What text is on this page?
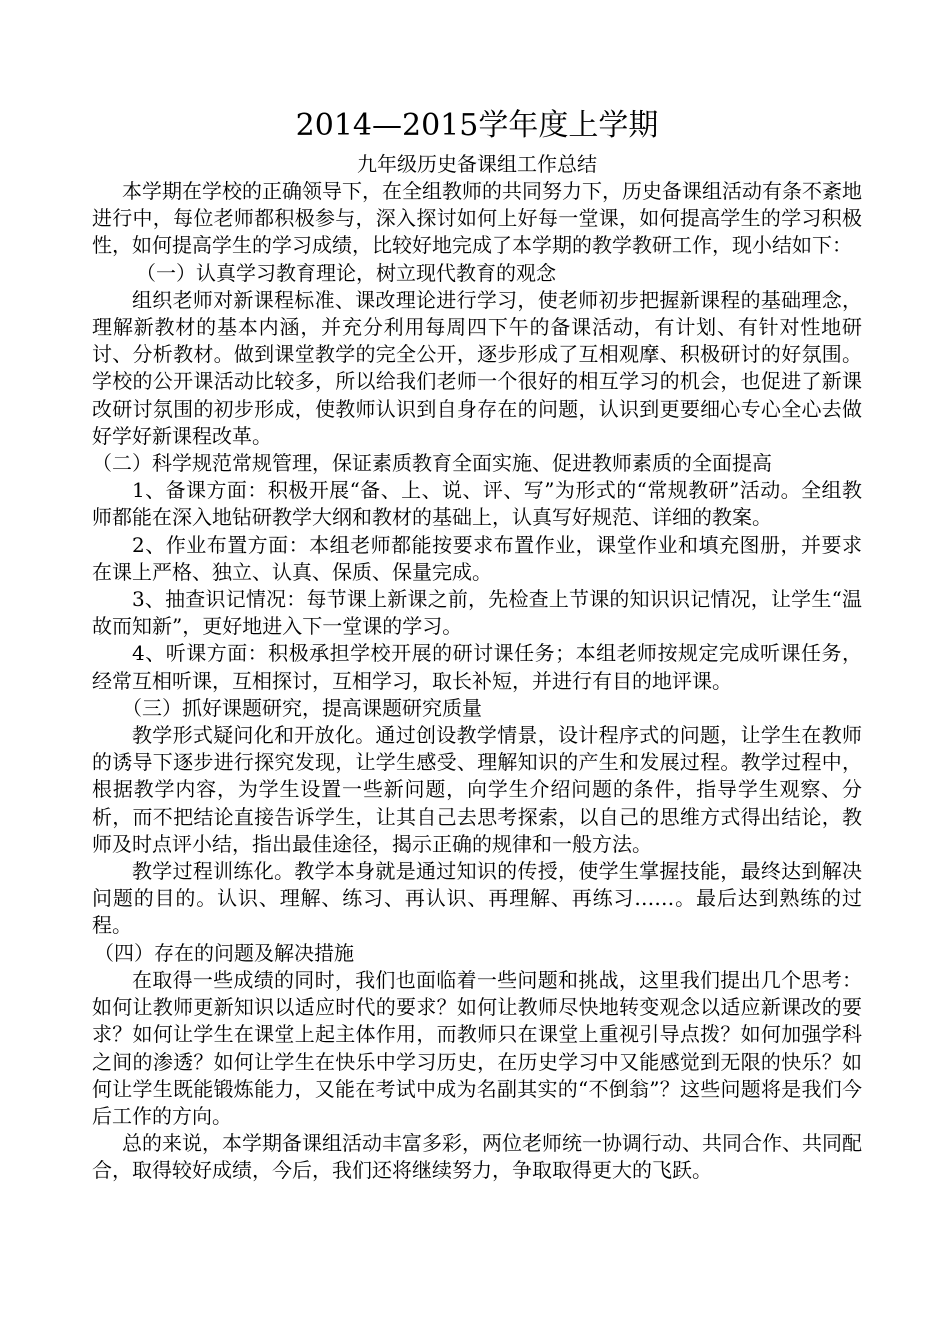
2014—2015学年度上学期
九年级历史备课组工作总结

本学期在学校的正确领导下，在全组教师的共同努力下，历史备课组活动有条不紊地进行中，每位老师都积极参与，深入探讨如何上好每一堂课，如何提高学生的学习积极性，如何提高学生的学习成绩，比较好地完成了本学期的教学教研工作，现小结如下：

（一）认真学习教育理论，树立现代教育的观念

组织老师对新课程标准、课改理论进行学习，使老师初步把握新课程的基础理念，理解新教材的基本内涵，并充分利用每周四下午的备课活动，有计划、有针对性地研讨、分析教材。做到课堂教学的完全公开，逐步形成了互相观摩、积极研讨的好氛围。学校的公开课活动比较多，所以给我们老师一个很好的相互学习的机会，也促进了新课改研讨氛围的初步形成，使教师认识到自身存在的问题，认识到更要细心专心全心去做好学好新课程改革。

（二）科学规范常规管理，保证素质教育全面实施、促进教师素质的全面提高

1、备课方面：积极开展“备、上、说、评、写”为形式的“常规教研”活动。全组教师都能在深入地钻研教学大纲和教材的基础上，认真写好规范、详细的教案。

2、作业布置方面：本组老师都能按要求布置作业，课堂作业和填充图册，并要求在课上严格、独立、认真、保质、保量完成。

3、抽查识记情况：每节课上新课之前，先检查上节课的知识识记情况，让学生“温故而知新”，更好地进入下一堂课的学习。

4、听课方面：积极承担学校开展的研讨课任务；本组老师按规定完成听课任务，经常互相听课，互相探讨，互相学习，取长补短，并进行有目的地评课。

（三）抓好课题研究，提高课题研究质量

教学形式疑问化和开放化。通过创设教学情景，设计程序式的问题，让学生在教师的诱导下逐步进行探究发现，让学生感受、理解知识的产生和发展过程。教学过程中，根据教学内容，为学生设置一些新问题，向学生介绍问题的条件，指导学生观察、分析，而不把结论直接告诉学生，让其自己去思考探索，以自己的思维方式得出结论，教师及时点评小结，指出最佳途径，揭示正确的规律和一般方法。

教学过程训练化。教学本身就是通过知识的传授，使学生掌握技能，最终达到解决问题的目的。认识、理解、练习、再认识、再理解、再练习……。最后达到熟练的过程。

（四）存在的问题及解决措施

在取得一些成绩的同时，我们也面临着一些问题和挑战，这里我们提出几个思考：如何让教师更新知识以适应时代的要求？如何让教师尽快地转变观念以适应新课改的要求？如何让学生在课堂上起主体作用，而教师只在课堂上重视引导点拨？如何加强学科之间的渗透？如何让学生在快乐中学习历史，在历史学习中又能感觉到无限的快乐？如何让学生既能锻炼能力，又能在考试中成为名副其实的“不倒翁”？这些问题将是我们今后工作的方向。

总的来说，本学期备课组活动丰富多彩，两位老师统一协调行动、共同合作、共同配合，取得较好成绩，今后，我们还将继续努力，争取取得更大的飞跃。
